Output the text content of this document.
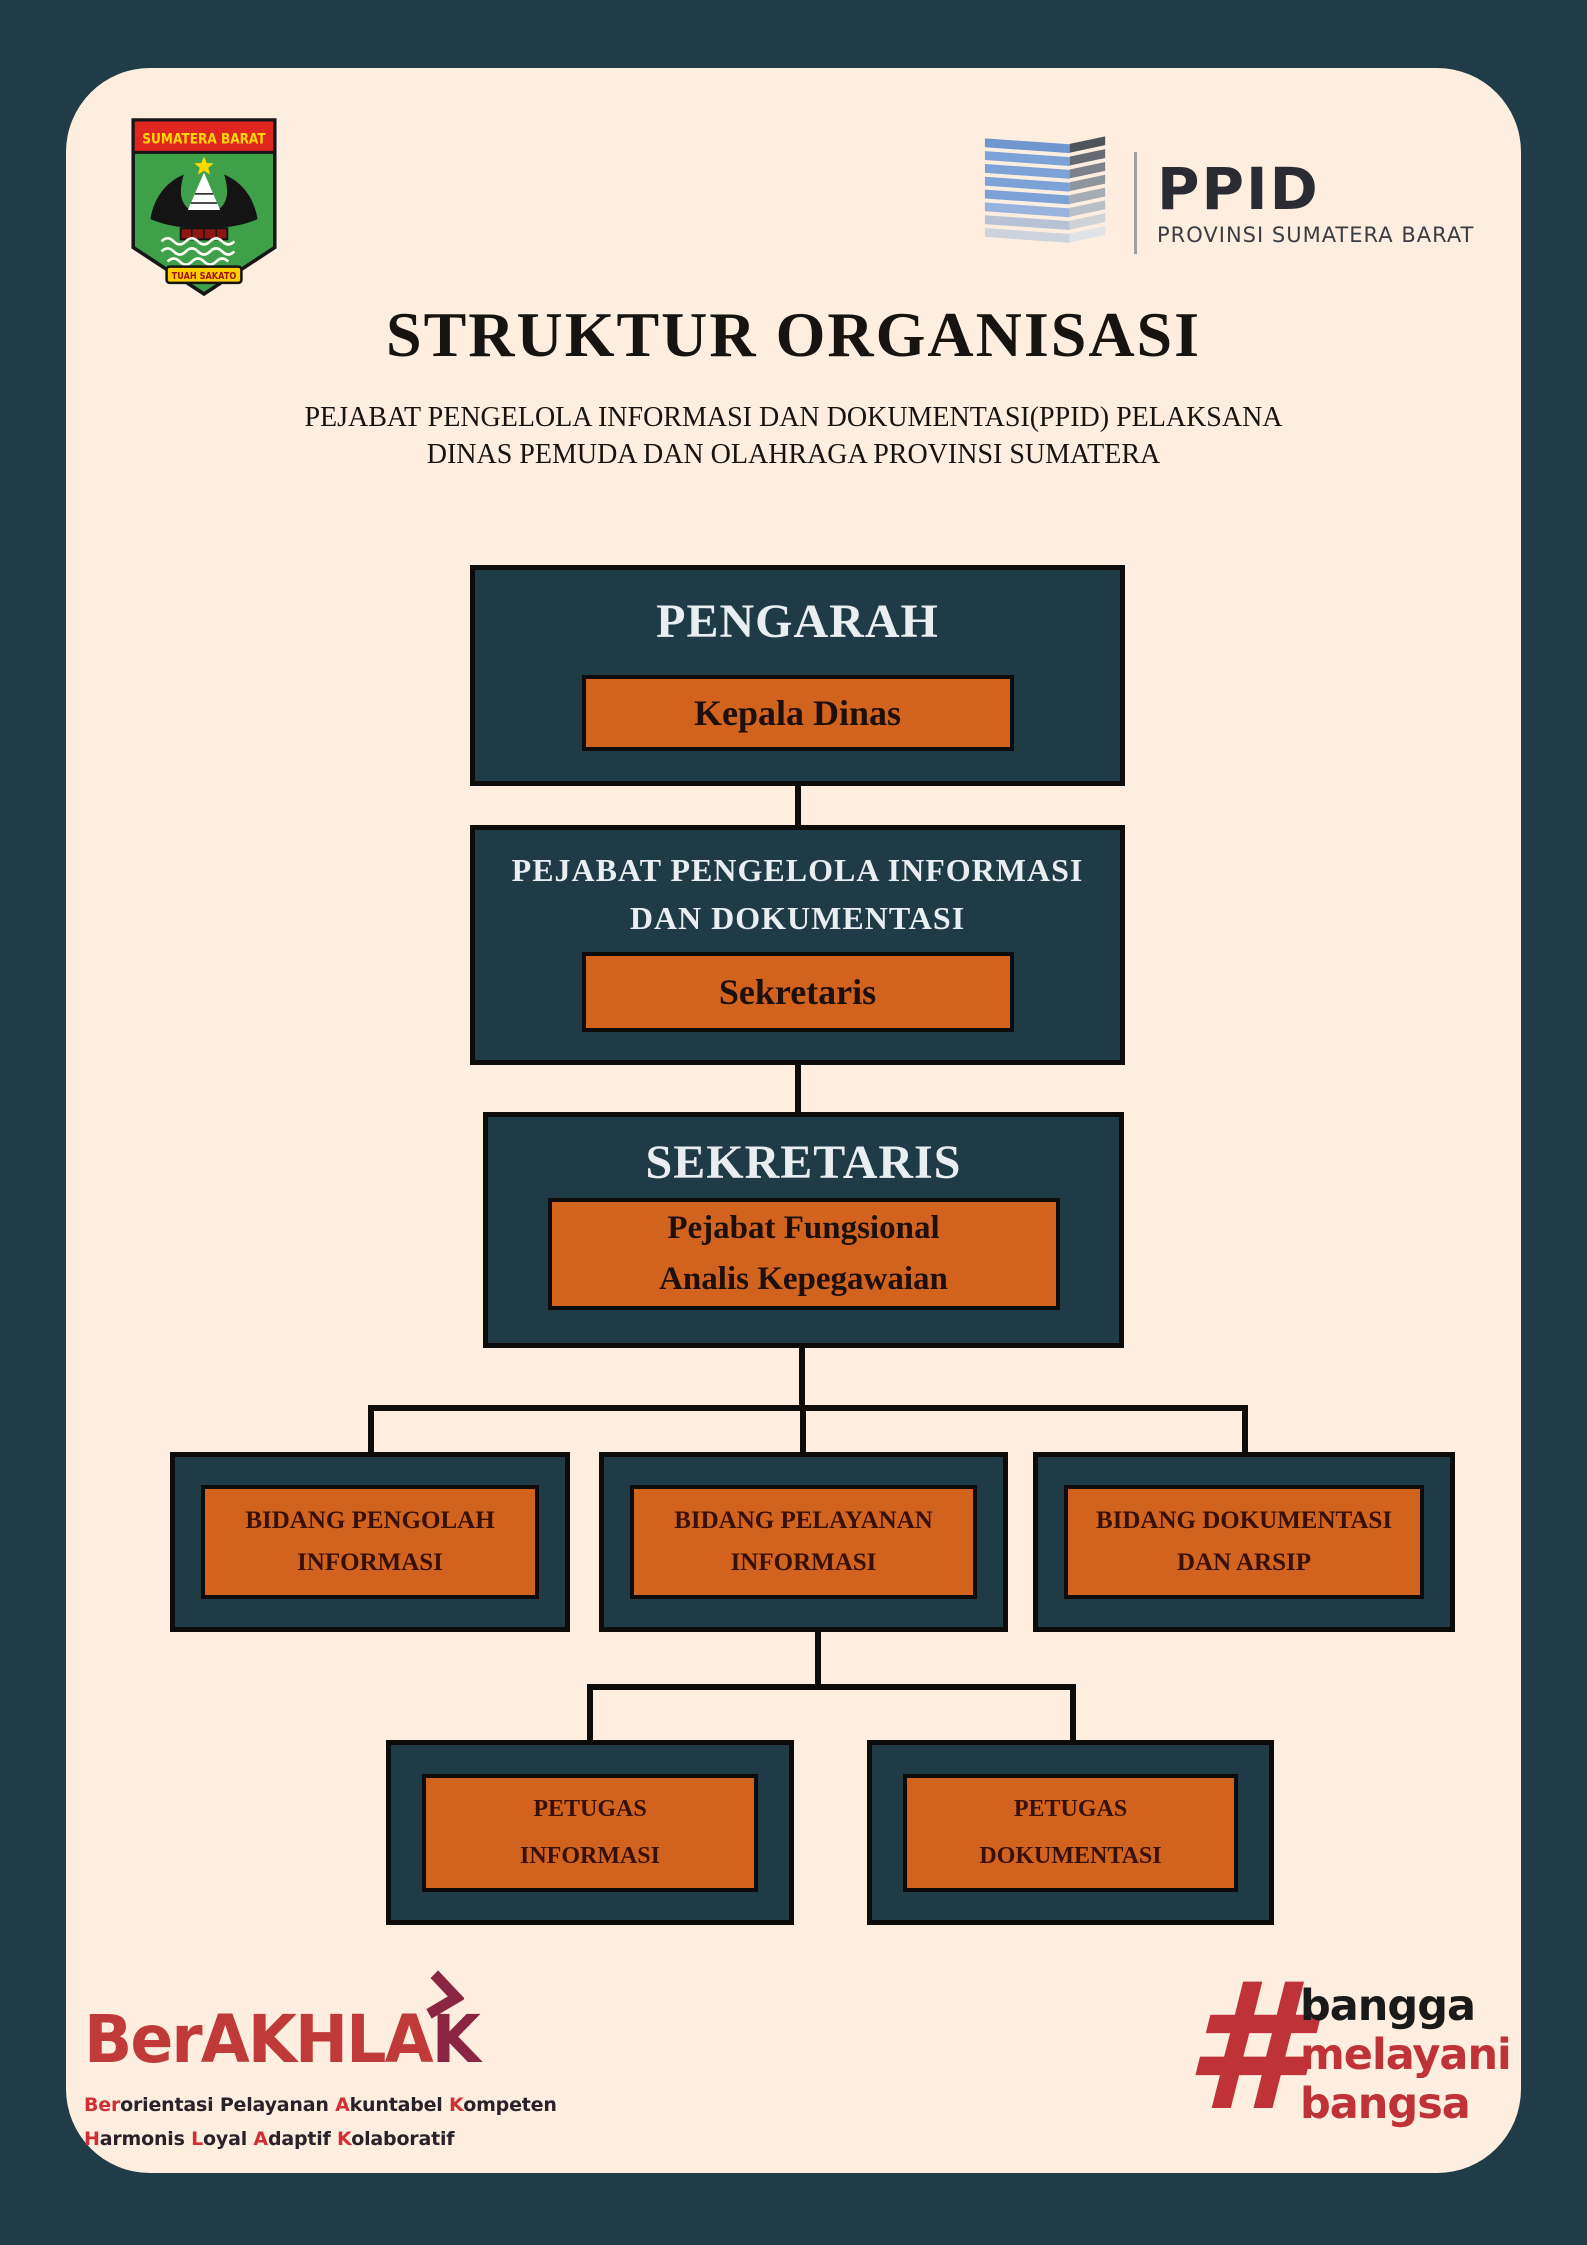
SUMATERA BARAT
TUAH SAKATO
PPID
PROVINSI SUMATERA BARAT
STRUKTUR ORGANISASI
PEJABAT PENGELOLA INFORMASI DAN DOKUMENTASI(PPID) PELAKSANA
DINAS PEMUDA DAN OLAHRAGA PROVINSI SUMATERA
PENGARAH
Kepala Dinas
PEJABAT PENGELOLA INFORMASI
DAN DOKUMENTASI
Sekretaris
SEKRETARIS
Pejabat Fungsional
Analis Kepegawaian
BIDANG PENGOLAH
INFORMASI
BIDANG PELAYANAN
INFORMASI
BIDANG DOKUMENTASI
DAN ARSIP
PETUGAS
INFORMASI
PETUGAS
DOKUMENTASI
BerAKHLAK
Berorientasi Pelayanan Akuntabel Kompeten
Harmonis Loyal Adaptif Kolaboratif	#
bangga
melayani
bangsa
